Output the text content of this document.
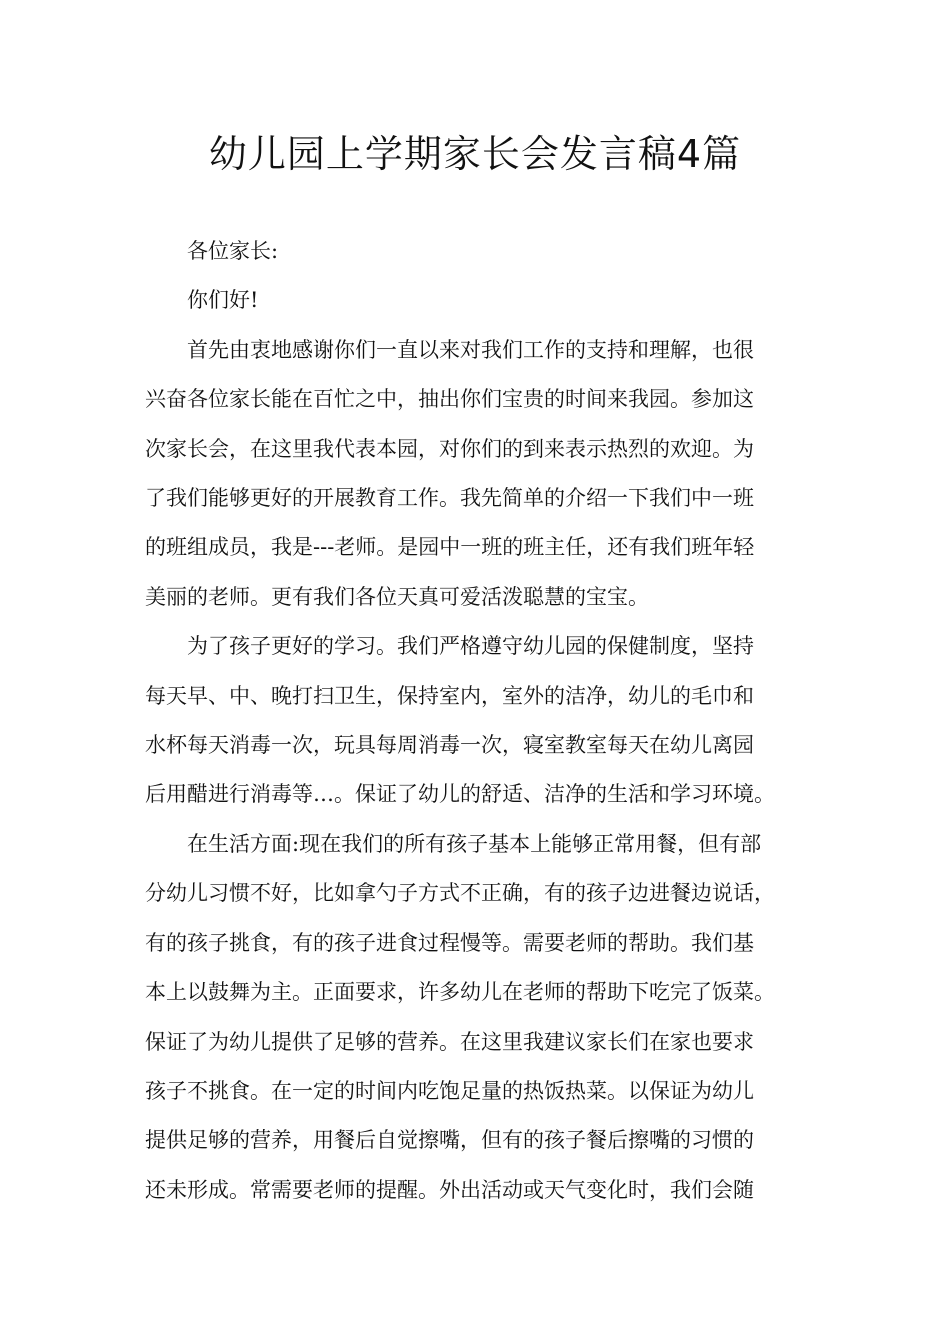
幼儿园上学期家长会发言稿4篇

各位家长:

你们好!

首先由衷地感谢你们一直以来对我们工作的支持和理解，也很
兴奋各位家长能在百忙之中，抽出你们宝贵的时间来我园。参加这
次家长会，在这里我代表本园，对你们的到来表示热烈的欢迎。为
了我们能够更好的开展教育工作。我先简单的介绍一下我们中一班
的班组成员，我是---老师。是园中一班的班主任，还有我们班年轻
美丽的老师。更有我们各位天真可爱活泼聪慧的宝宝。

为了孩子更好的学习。我们严格遵守幼儿园的保健制度，坚持
每天早、中、晚打扫卫生，保持室内，室外的洁净，幼儿的毛巾和
水杯每天消毒一次，玩具每周消毒一次，寝室教室每天在幼儿离园
后用醋进行消毒等…。保证了幼儿的舒适、洁净的生活和学习环境。

在生活方面:现在我们的所有孩子基本上能够正常用餐，但有部
分幼儿习惯不好，比如拿勺子方式不正确，有的孩子边进餐边说话，
有的孩子挑食，有的孩子进食过程慢等。需要老师的帮助。我们基
本上以鼓舞为主。正面要求，许多幼儿在老师的帮助下吃完了饭菜。
保证了为幼儿提供了足够的营养。在这里我建议家长们在家也要求
孩子不挑食。在一定的时间内吃饱足量的热饭热菜。以保证为幼儿
提供足够的营养，用餐后自觉擦嘴，但有的孩子餐后擦嘴的习惯的
还未形成。常需要老师的提醒。外出活动或天气变化时，我们会随
